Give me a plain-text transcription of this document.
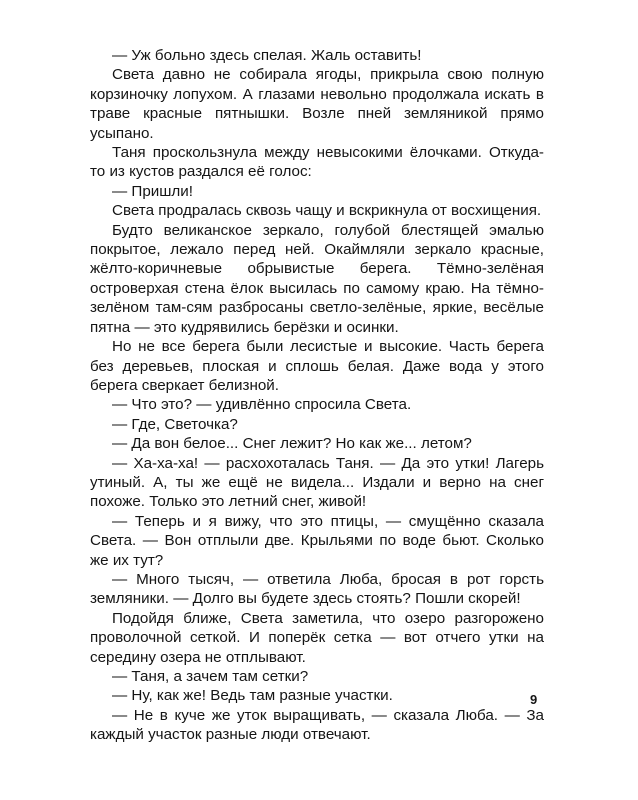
— Уж больно здесь спелая. Жаль оставить!

Света давно не собирала ягоды, прикрыла свою полную корзиночку лопухом. А глазами невольно продолжала искать в траве красные пятнышки. Возле пней земляникой прямо усыпано.

Таня проскользнула между невысокими ёлочками. Откуда-то из кустов раздался её голос:

— Пришли!

Света продралась сквозь чащу и вскрикнула от восхищения.

Будто великанское зеркало, голубой блестящей эмалью покрытое, лежало перед ней. Окаймляли зеркало красные, жёлто-коричневые обрывистые берега. Тёмно-зелёная островерхая стена ёлок высилась по самому краю. На тёмно-зелёном там-сям разбросаны светло-зелёные, яркие, весёлые пятна — это кудрявились берёзки и осинки.

Но не все берега были лесистые и высокие. Часть берега без деревьев, плоская и сплошь белая. Даже вода у этого берега сверкает белизной.

— Что это? — удивлённо спросила Света.

— Где, Светочка?

— Да вон белое... Снег лежит? Но как же... летом?

— Ха-ха-ха! — расхохоталась Таня. — Да это утки! Лагерь утиный. А, ты же ещё не видела... Издали и верно на снег похоже. Только это летний снег, живой!

— Теперь и я вижу, что это птицы, — смущённо сказала Света. — Вон отплыли две. Крыльями по воде бьют. Сколько же их тут?

— Много тысяч, — ответила Люба, бросая в рот горсть земляники. — Долго вы будете здесь стоять? Пошли скорей!

Подойдя ближе, Света заметила, что озеро разгорожено проволочной сеткой. И поперёк сетка — вот отчего утки на середину озера не отплывают.

— Таня, а зачем там сетки?

— Ну, как же! Ведь там разные участки.

— Не в куче же уток выращивать, — сказала Люба. — За каждый участок разные люди отвечают.

9
